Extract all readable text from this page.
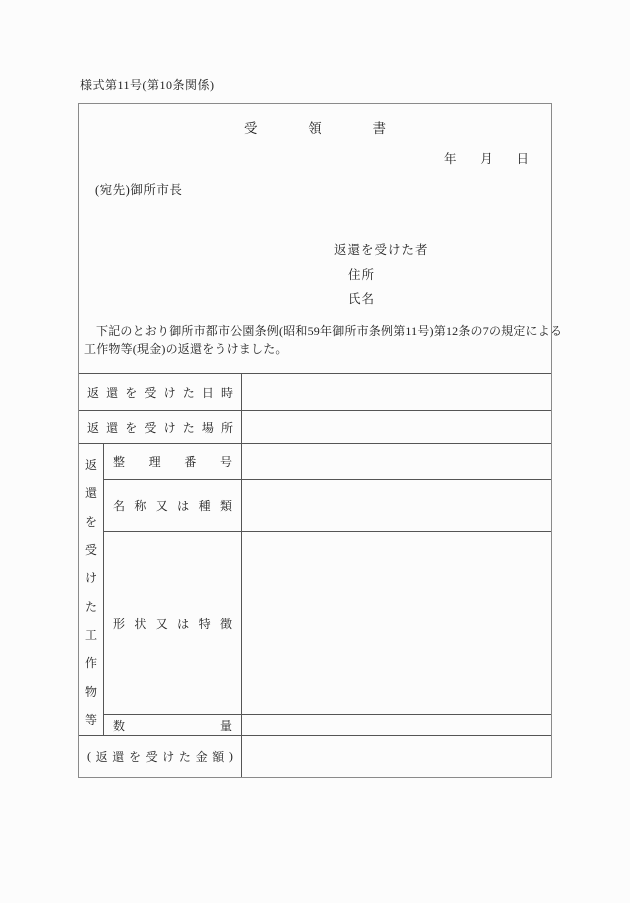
様式第11号(第10条関係)
受	領	書
年 月 日
(宛先)御所市長
返還を受けた者
住所
氏名
下記のとおり御所市都市公園条例(昭和59年御所市条例第11号)第12条の7の規定による
工作物等(現金)の返還をうけました。
返 還 を 受 け た 日 時
返 還 を 受 け た 場 所
返
還
を
受
け
た
工
作
物
等
整 理 番 号
名 称 又 は 種 類
形 状 又 は 特 徴
数	量
( 返 還 を 受 け た 金 額 )
